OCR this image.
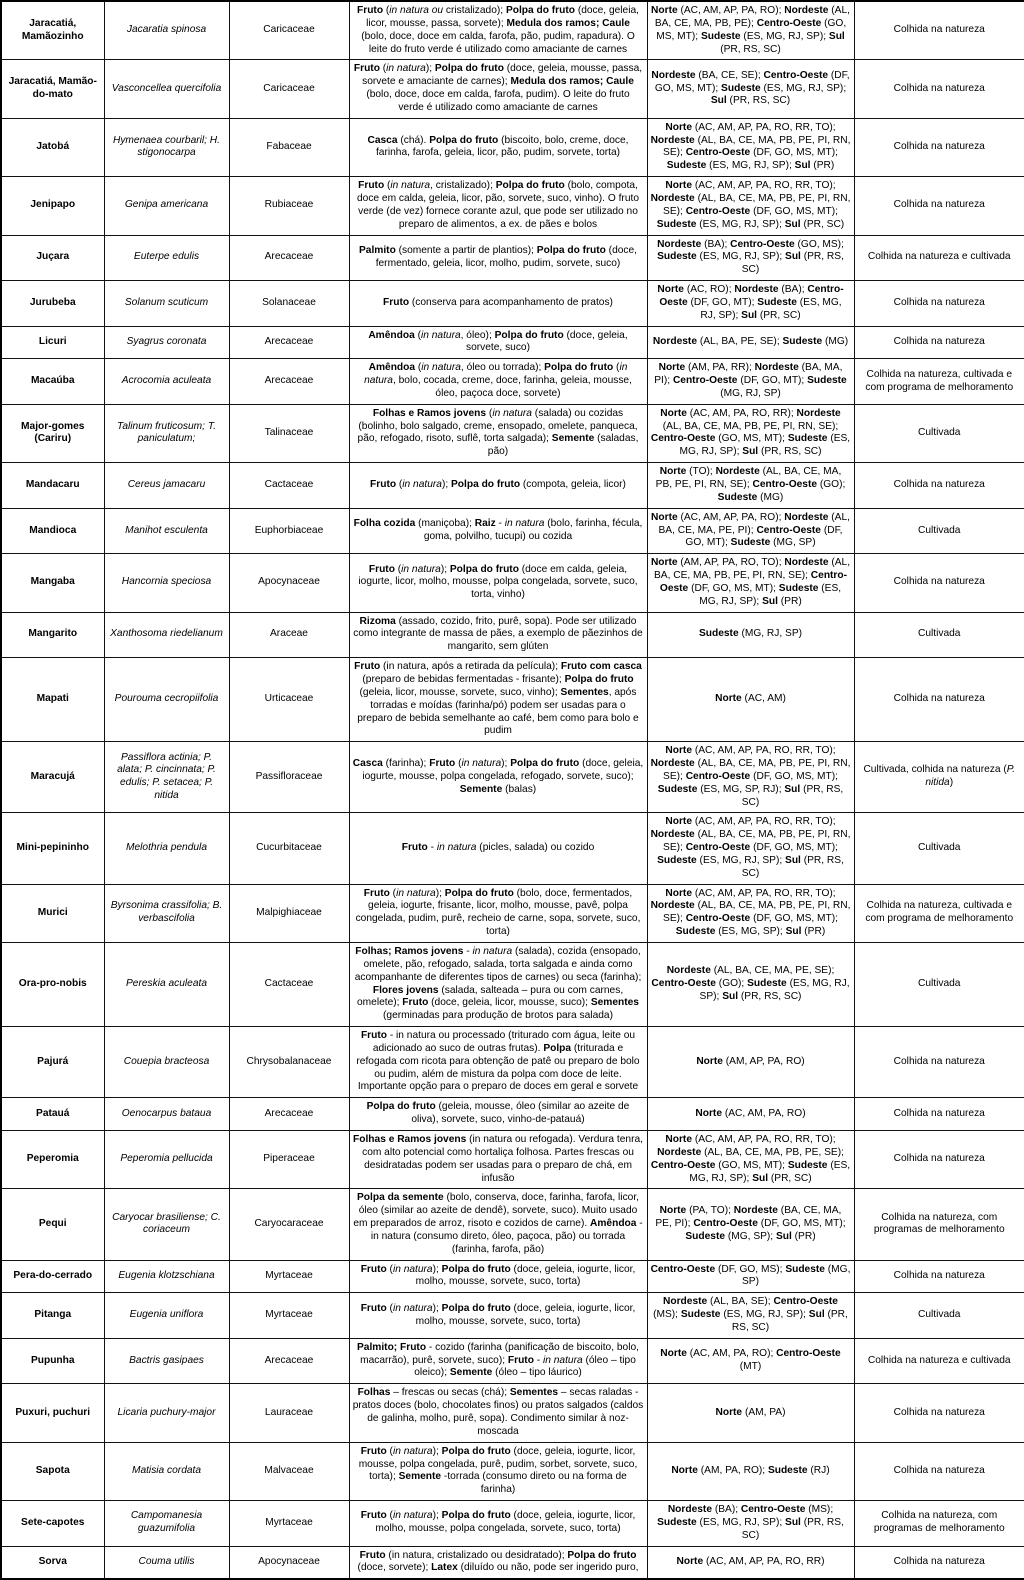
Jaracatiá, Mamãozinho	Jacaratia spinosa	Caricaceae	Fruto (in natura ou cristalizado); Polpa do fruto (doce, geleia, licor, mousse, passa, sorvete); Medula dos ramos; Caule (bolo, doce, doce em calda, farofa, pão, pudim, rapadura). O leite do fruto verde é utilizado como amaciante de carnes	Norte (AC, AM, AP, PA, RO); Nordeste (AL, BA, CE, MA, PB, PE); Centro-Oeste (GO, MS, MT); Sudeste (ES, MG, RJ, SP); Sul (PR, RS, SC)	Colhida na natureza
Jaracatiá, Mamão-do-mato	Vasconcellea quercifolia	Caricaceae	Fruto (in natura); Polpa do fruto (doce, geleia, mousse, passa, sorvete e amaciante de carnes); Medula dos ramos; Caule (bolo, doce, doce em calda, farofa, pudim). O leite do fruto verde é utilizado como amaciante de carnes	Nordeste (BA, CE, SE); Centro-Oeste (DF, GO, MS, MT); Sudeste (ES, MG, RJ, SP); Sul (PR, RS, SC)	Colhida na natureza
Jatobá	Hymenaea courbaril; H. stigonocarpa	Fabaceae	Casca (chá). Polpa do fruto (biscoito, bolo, creme, doce, farinha, farofa, geleia, licor, pão, pudim, sorvete, torta)	Norte (AC, AM, AP, PA, RO, RR, TO); Nordeste (AL, BA, CE, MA, PB, PE, PI, RN, SE); Centro-Oeste (DF, GO, MS, MT); Sudeste (ES, MG, RJ, SP); Sul (PR)	Colhida na natureza
Jenipapo	Genipa americana	Rubiaceae	Fruto (in natura, cristalizado); Polpa do fruto (bolo, compota, doce em calda, geleia, licor, pão, sorvete, suco, vinho). O fruto verde (de vez) fornece corante azul, que pode ser utilizado no preparo de alimentos, a ex. de pães e bolos	Norte (AC, AM, AP, PA, RO, RR, TO); Nordeste (AL, BA, CE, MA, PB, PE, PI, RN, SE); Centro-Oeste (DF, GO, MS, MT); Sudeste (ES, MG, RJ, SP); Sul (PR, SC)	Colhida na natureza
Juçara	Euterpe edulis	Arecaceae	Palmito (somente a partir de plantios); Polpa do fruto (doce, fermentado, geleia, licor, molho, pudim, sorvete, suco)	Nordeste (BA); Centro-Oeste (GO, MS); Sudeste (ES, MG, RJ, SP); Sul (PR, RS, SC)	Colhida na natureza e cultivada
Jurubeba	Solanum scuticum	Solanaceae	Fruto (conserva para acompanhamento de pratos)	Norte (AC, RO); Nordeste (BA); Centro-Oeste (DF, GO, MT); Sudeste (ES, MG, RJ, SP); Sul (PR, SC)	Colhida na natureza
Licuri	Syagrus coronata	Arecaceae	Amêndoa (in natura, óleo); Polpa do fruto (doce, geleia, sorvete, suco)	Nordeste (AL, BA, PE, SE); Sudeste (MG)	Colhida na natureza
Macaúba	Acrocomia aculeata	Arecaceae	Amêndoa (in natura, óleo ou torrada); Polpa do fruto (in natura, bolo, cocada, creme, doce, farinha, geleia, mousse, óleo, paçoca doce, sorvete)	Norte (AM, PA, RR); Nordeste (BA, MA, PI); Centro-Oeste (DF, GO, MT); Sudeste (MG, RJ, SP)	Colhida na natureza, cultivada e com programa de melhoramento
Major-gomes (Cariru)	Talinum fruticosum; T. paniculatum;	Talinaceae	Folhas e Ramos jovens (in natura (salada) ou cozidas (bolinho, bolo salgado, creme, ensopado, omelete, panqueca, pão, refogado, risoto, suflê, torta salgada); Semente (saladas, pão)	Norte (AC, AM, PA, RO, RR); Nordeste (AL, BA, CE, MA, PB, PE, PI, RN, SE); Centro-Oeste (GO, MS, MT); Sudeste (ES, MG, RJ, SP); Sul (PR, RS, SC)	Cultivada
Mandacaru	Cereus jamacaru	Cactaceae	Fruto (in natura); Polpa do fruto (compota, geleia, licor)	Norte (TO); Nordeste (AL, BA, CE, MA, PB, PE, PI, RN, SE); Centro-Oeste (GO); Sudeste (MG)	Colhida na natureza
Mandioca	Manihot esculenta	Euphorbiaceae	Folha cozida (maniçoba); Raiz - in natura (bolo, farinha, fécula, goma, polvilho, tucupi) ou cozida	Norte (AC, AM, AP, PA, RO); Nordeste (AL, BA, CE, MA, PE, PI); Centro-Oeste (DF, GO, MT); Sudeste (MG, SP)	Cultivada
Mangaba	Hancornia speciosa	Apocynaceae	Fruto (in natura); Polpa do fruto (doce em calda, geleia, iogurte, licor, molho, mousse, polpa congelada, sorvete, suco, torta, vinho)	Norte (AM, AP, PA, RO, TO); Nordeste (AL, BA, CE, MA, PB, PE, PI, RN, SE); Centro-Oeste (DF, GO, MS, MT); Sudeste (ES, MG, RJ, SP); Sul (PR)	Colhida na natureza
Mangarito	Xanthosoma riedelianum	Araceae	Rizoma (assado, cozido, frito, purê, sopa). Pode ser utilizado como integrante de massa de pães, a exemplo de pãezinhos de mangarito, sem glúten	Sudeste (MG, RJ, SP)	Cultivada
Mapati	Pourouma cecropiifolia	Urticaceae	Fruto (in natura, após a retirada da película); Fruto com casca (preparo de bebidas fermentadas - frisante); Polpa do fruto (geleia, licor, mousse, sorvete, suco, vinho); Sementes, após torradas e moídas (farinha/pó) podem ser usadas para o preparo de bebida semelhante ao café, bem como para bolo e pudim	Norte (AC, AM)	Colhida na natureza
Maracujá	Passiflora actinia; P. alata; P. cincinnata; P. edulis; P. setacea; P. nitida	Passifloraceae	Casca (farinha); Fruto (in natura); Polpa do fruto (doce, geleia, iogurte, mousse, polpa congelada, refogado, sorvete, suco); Semente (balas)	Norte (AC, AM, AP, PA, RO, RR, TO); Nordeste (AL, BA, CE, MA, PB, PE, PI, RN, SE); Centro-Oeste (DF, GO, MS, MT); Sudeste (ES, MG, SP, RJ); Sul (PR, RS, SC)	Cultivada, colhida na natureza (P. nitida)
Mini-pepininho	Melothria pendula	Cucurbitaceae	Fruto - in natura (picles, salada) ou cozido	Norte (AC, AM, AP, PA, RO, RR, TO); Nordeste (AL, BA, CE, MA, PB, PE, PI, RN, SE); Centro-Oeste (DF, GO, MS, MT); Sudeste (ES, MG, RJ, SP); Sul (PR, RS, SC)	Cultivada
Murici	Byrsonima crassifolia; B. verbascifolia	Malpighiaceae	Fruto (in natura); Polpa do fruto (bolo, doce, fermentados, geleia, iogurte, frisante, licor, molho, mousse, pavê, polpa congelada, pudim, purê, recheio de carne, sopa, sorvete, suco, torta)	Norte (AC, AM, AP, PA, RO, RR, TO); Nordeste (AL, BA, CE, MA, PB, PE, PI, RN, SE); Centro-Oeste (DF, GO, MS, MT); Sudeste (ES, MG, SP); Sul (PR)	Colhida na natureza, cultivada e com programa de melhoramento
Ora-pro-nobis	Pereskia aculeata	Cactaceae	Folhas; Ramos jovens - in natura (salada), cozida (ensopado, omelete, pão, refogado, salada, torta salgada e ainda como acompanhante de diferentes tipos de carnes) ou seca (farinha); Flores jovens (salada, salteada – pura ou com carnes, omelete); Fruto (doce, geleia, licor, mousse, suco); Sementes (germinadas para produção de brotos para salada)	Nordeste (AL, BA, CE, MA, PE, SE); Centro-Oeste (GO); Sudeste (ES, MG, RJ, SP); Sul (PR, RS, SC)	Cultivada
Pajurá	Couepia bracteosa	Chrysobalanaceae	Fruto - in natura ou processado (triturado com água, leite ou adicionado ao suco de outras frutas). Polpa (triturada e refogada com ricota para obtenção de patê ou preparo de bolo ou pudim, além de mistura da polpa com doce de leite. Importante opção para o preparo de doces em geral e sorvete	Norte (AM, AP, PA, RO)	Colhida na natureza
Patauá	Oenocarpus bataua	Arecaceae	Polpa do fruto (geleia, mousse, óleo (similar ao azeite de oliva), sorvete, suco, vinho-de-patauá)	Norte (AC, AM, PA, RO)	Colhida na natureza
Peperomia	Peperomia pellucida	Piperaceae	Folhas e Ramos jovens (in natura ou refogada). Verdura tenra, com alto potencial como hortaliça folhosa. Partes frescas ou desidratadas podem ser usadas para o preparo de chá, em infusão	Norte (AC, AM, AP, PA, RO, RR, TO); Nordeste (AL, BA, CE, MA, PB, PE, SE); Centro-Oeste (GO, MS, MT); Sudeste (ES, MG, RJ, SP); Sul (PR, SC)	Colhida na natureza
Pequi	Caryocar brasiliense; C. coriaceum	Caryocaraceae	Polpa da semente (bolo, conserva, doce, farinha, farofa, licor, óleo (similar ao azeite de dendê), sorvete, suco). Muito usado em preparados de arroz, risoto e cozidos de carne). Amêndoa - in natura (consumo direto, óleo, paçoca, pão) ou torrada (farinha, farofa, pão)	Norte (PA, TO); Nordeste (BA, CE, MA, PE, PI); Centro-Oeste (DF, GO, MS, MT); Sudeste (MG, SP); Sul (PR)	Colhida na natureza, com programas de melhoramento
Pera-do-cerrado	Eugenia klotzschiana	Myrtaceae	Fruto (in natura); Polpa do fruto (doce, geleia, iogurte, licor, molho, mousse, sorvete, suco, torta)	Centro-Oeste (DF, GO, MS); Sudeste (MG, SP)	Colhida na natureza
Pitanga	Eugenia uniflora	Myrtaceae	Fruto (in natura); Polpa do fruto (doce, geleia, iogurte, licor, molho, mousse, sorvete, suco, torta)	Nordeste (AL, BA, SE); Centro-Oeste (MS); Sudeste (ES, MG, RJ, SP); Sul (PR, RS, SC)	Cultivada
Pupunha	Bactris gasipaes	Arecaceae	Palmito; Fruto - cozido (farinha (panificação de biscoito, bolo, macarrão), purê, sorvete, suco); Fruto - in natura (óleo – tipo oleico); Semente (óleo – tipo láurico)	Norte (AC, AM, PA, RO); Centro-Oeste (MT)	Colhida na natureza e cultivada
Puxuri, puchuri	Licaria puchury-major	Lauraceae	Folhas – frescas ou secas (chá); Sementes – secas raladas - pratos doces (bolo, chocolates finos) ou pratos salgados (caldos de galinha, molho, purê, sopa). Condimento similar à noz-moscada	Norte (AM, PA)	Colhida na natureza
Sapota	Matisia cordata	Malvaceae	Fruto (in natura); Polpa do fruto (doce, geleia, iogurte, licor, mousse, polpa congelada, purê, pudim, sorbet, sorvete, suco, torta); Semente -torrada (consumo direto ou na forma de farinha)	Norte (AM, PA, RO); Sudeste (RJ)	Colhida na natureza
Sete-capotes	Campomanesia guazumifolia	Myrtaceae	Fruto (in natura); Polpa do fruto (doce, geleia, iogurte, licor, molho, mousse, polpa congelada, sorvete, suco, torta)	Nordeste (BA); Centro-Oeste (MS); Sudeste (ES, MG, RJ, SP); Sul (PR, RS, SC)	Colhida na natureza, com programas de melhoramento
Sorva	Couma utilis	Apocynaceae	Fruto (in natura, cristalizado ou desidratado); Polpa do fruto (doce, sorvete); Latex (diluído ou não, pode ser ingerido puro,	Norte (AC, AM, AP, PA, RO, RR)	Colhida na natureza
